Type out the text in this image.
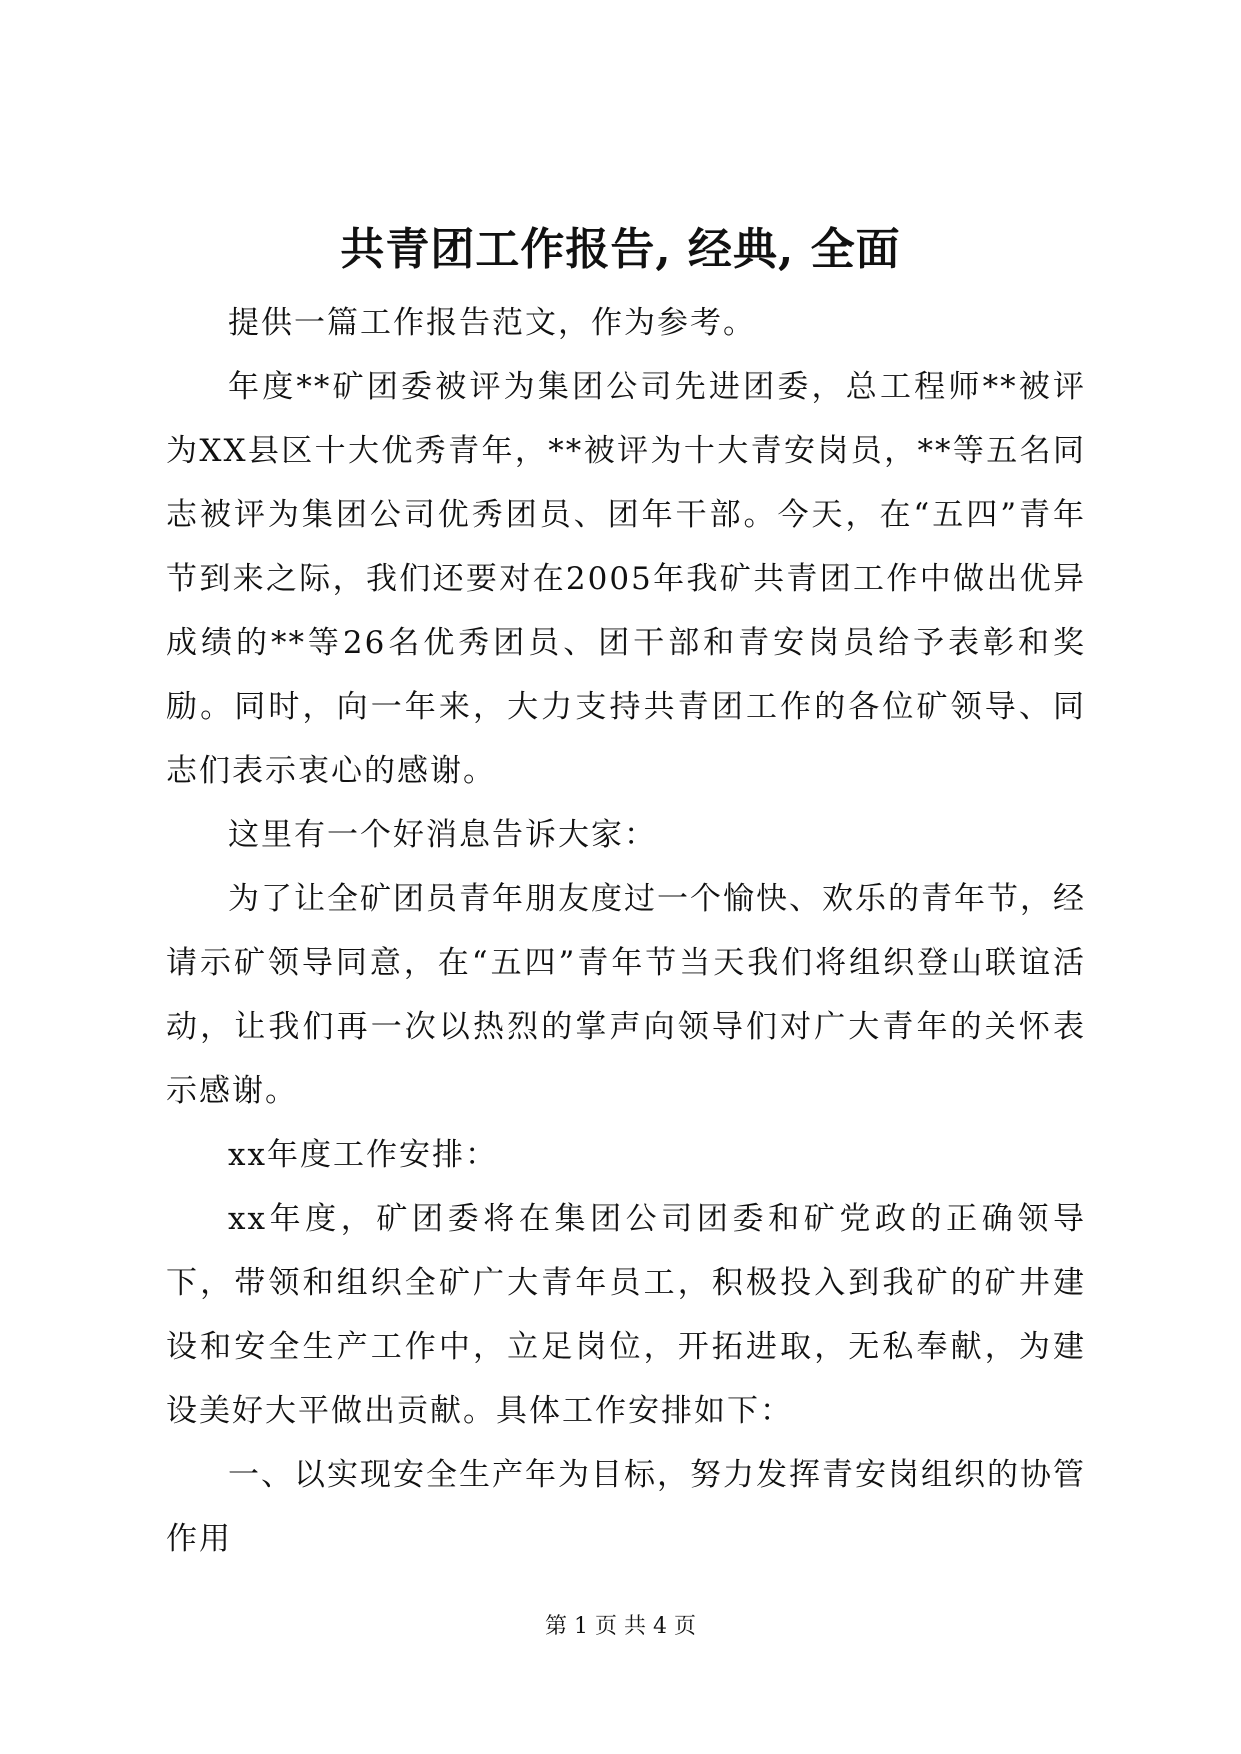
共青团工作报告, 经典, 全面

提供一篇工作报告范文，作为参考。

年度**矿团委被评为集团公司先进团委，总工程师**被评为XX县区十大优秀青年，**被评为十大青安岗员，**等五名同志被评为集团公司优秀团员、团年干部。今天，在“五四”青年节到来之际，我们还要对在2005年我矿共青团工作中做出优异成绩的**等26名优秀团员、团干部和青安岗员给予表彰和奖励。同时，向一年来，大力支持共青团工作的各位矿领导、同志们表示衷心的感谢。

这里有一个好消息告诉大家：

为了让全矿团员青年朋友度过一个愉快、欢乐的青年节，经请示矿领导同意，在“五四”青年节当天我们将组织登山联谊活动，让我们再一次以热烈的掌声向领导们对广大青年的关怀表示感谢。

xx年度工作安排：

xx年度，矿团委将在集团公司团委和矿党政的正确领导下，带领和组织全矿广大青年员工，积极投入到我矿的矿井建设和安全生产工作中，立足岗位，开拓进取，无私奉献，为建设美好大平做出贡献。具体工作安排如下：

一、以实现安全生产年为目标，努力发挥青安岗组织的协管作用

第 1 页 共 4 页
